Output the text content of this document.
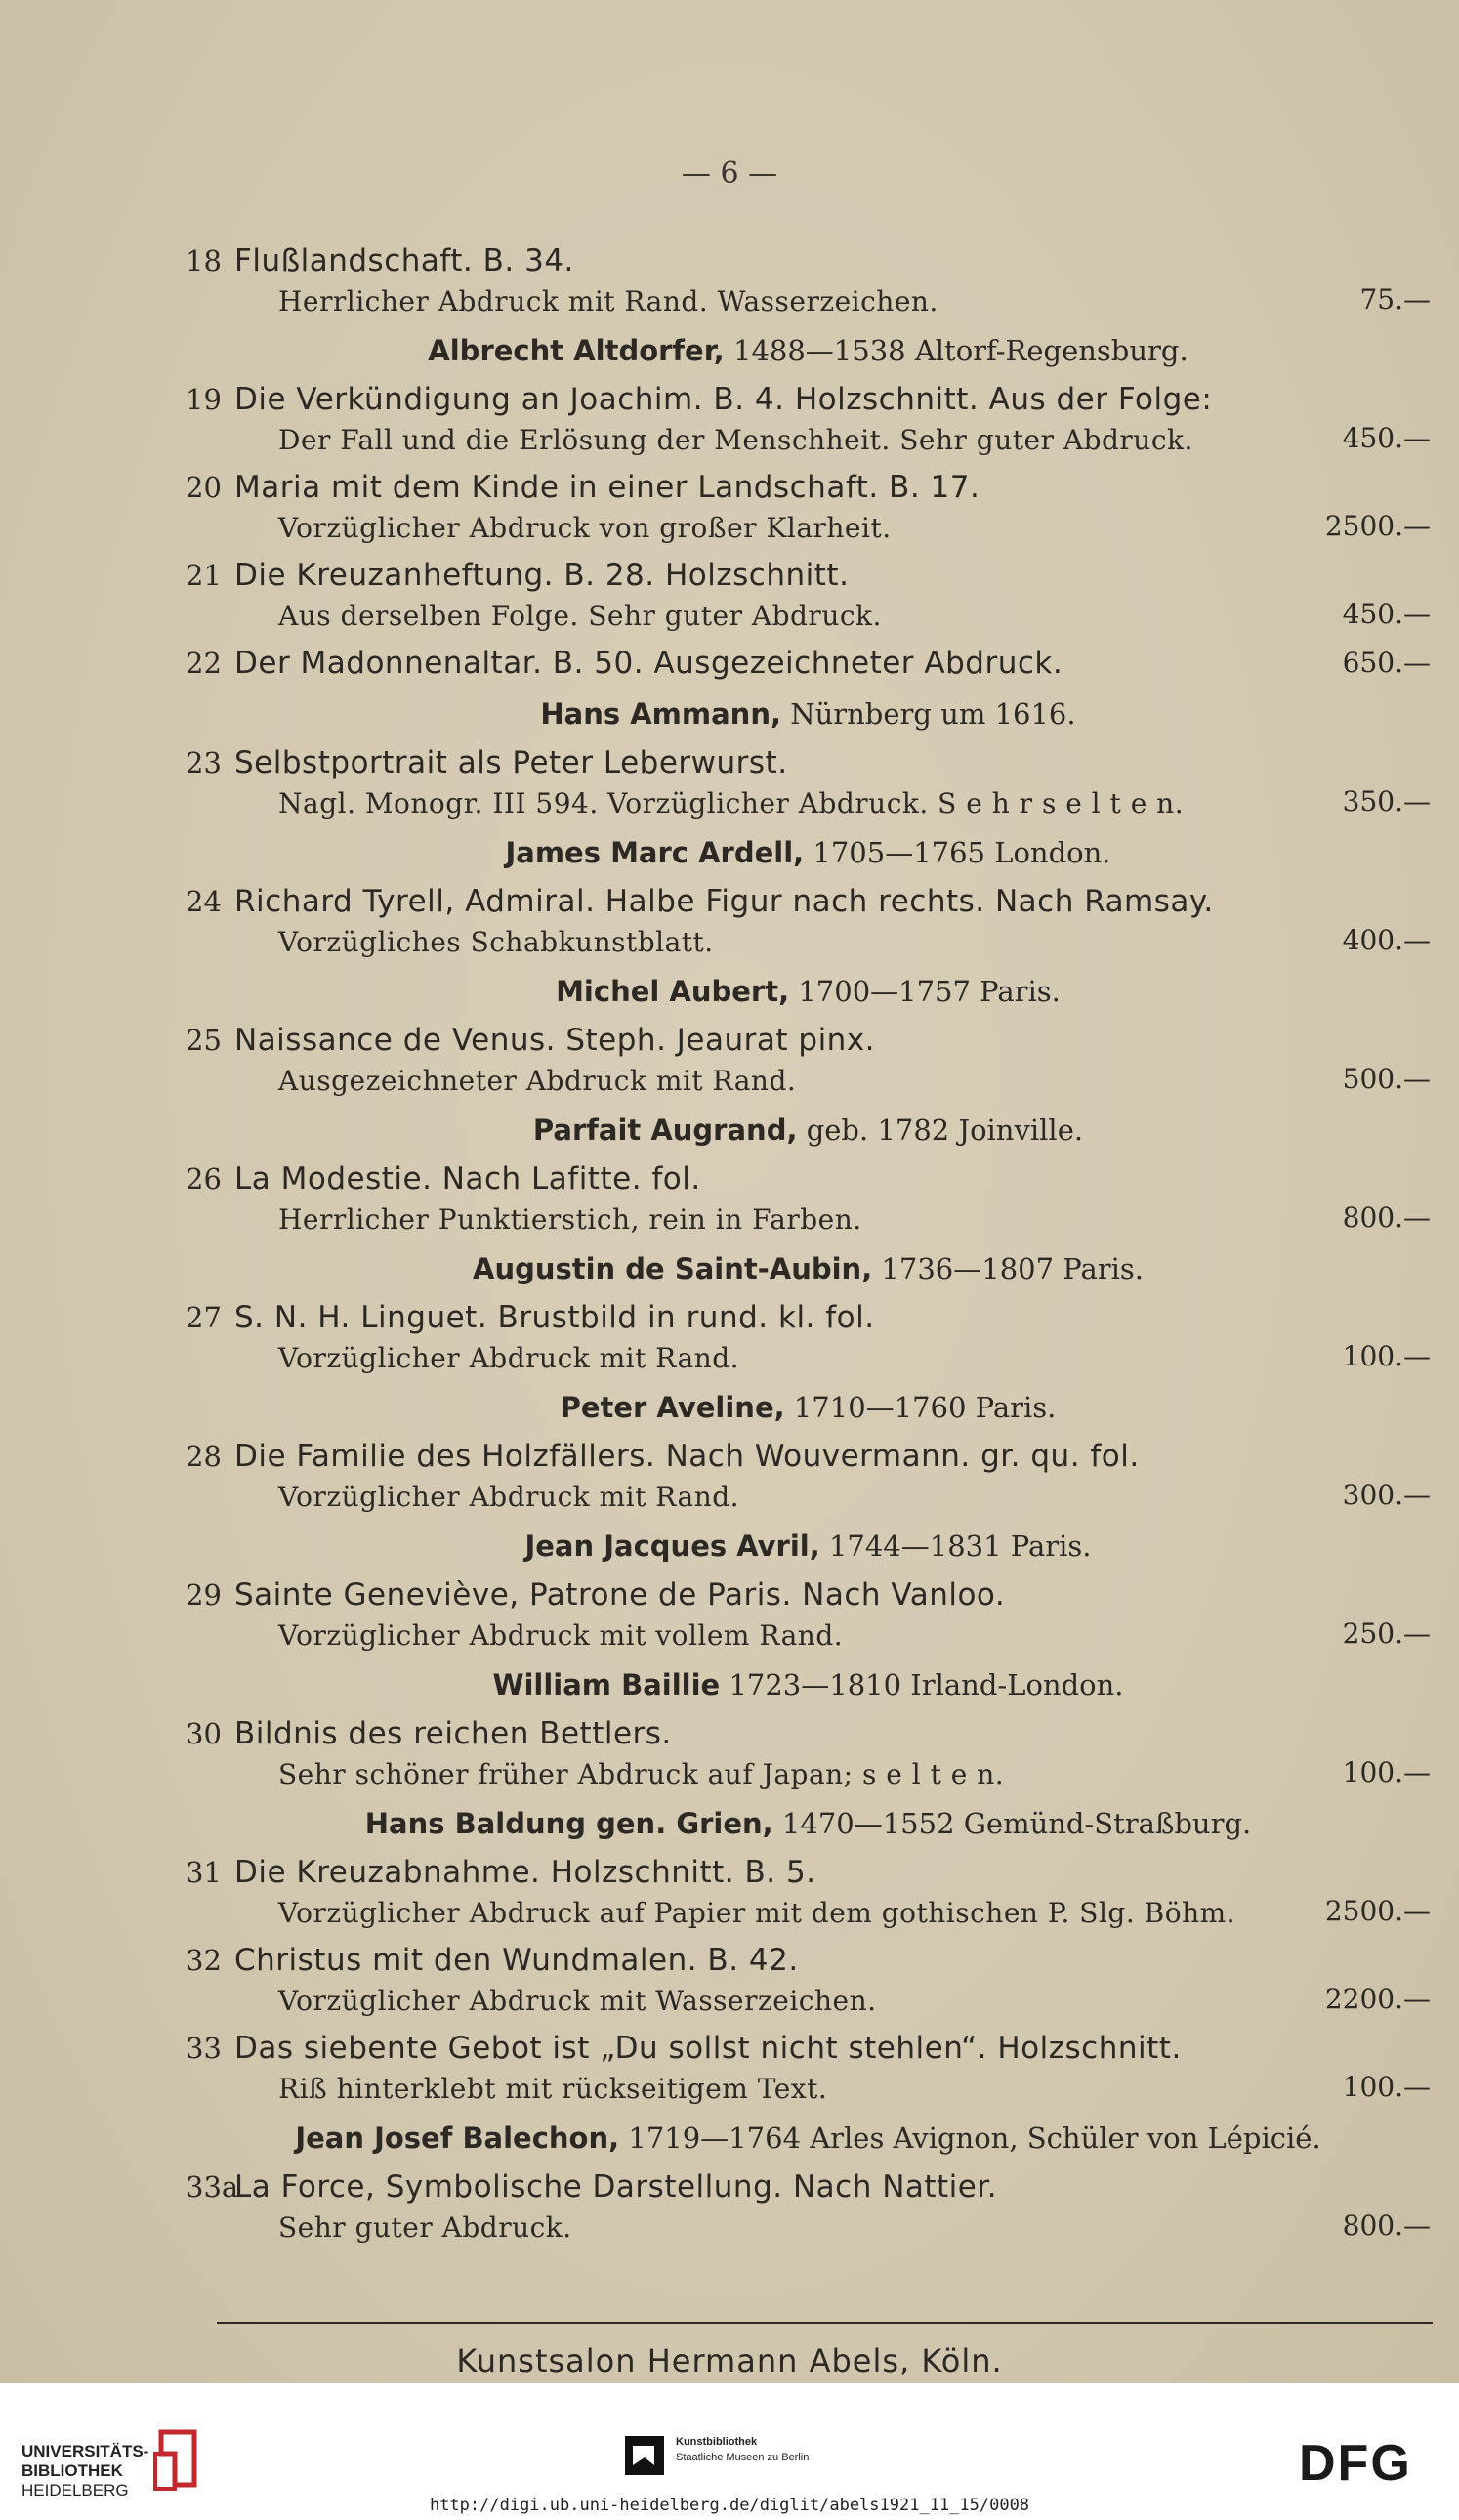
— 6 —
18 Flußlandschaft. B. 34.
Herrlicher Abdruck mit Rand. Wasserzeichen.	75.—
Albrecht Altdorfer, 1488—1538 Altorf-Regensburg.
19 Die Verkündigung an Joachim. B. 4. Holzschnitt. Aus der Folge:
Der Fall und die Erlösung der Menschheit. Sehr guter Abdruck.	450.—
20 Maria mit dem Kinde in einer Landschaft. B. 17.
Vorzüglicher Abdruck von großer Klarheit.	2500.—
21 Die Kreuzanheftung. B. 28. Holzschnitt.
Aus derselben Folge. Sehr guter Abdruck.	450.—
22 Der Madonnenaltar. B. 50. Ausgezeichneter Abdruck.	650.—
Hans Ammann, Nürnberg um 1616.
23 Selbstportrait als Peter Leberwurst.
Nagl. Monogr. III 594. Vorzüglicher Abdruck. S e h r s e l t e n.	350.—
James Marc Ardell, 1705—1765 London.
24 Richard Tyrell, Admiral. Halbe Figur nach rechts. Nach Ramsay.
Vorzügliches Schabkunstblatt.	400.—
Michel Aubert, 1700—1757 Paris.
25 Naissance de Venus. Steph. Jeaurat pinx.
Ausgezeichneter Abdruck mit Rand.	500.—
Parfait Augrand, geb. 1782 Joinville.
26 La Modestie. Nach Lafitte. fol.
Herrlicher Punktierstich, rein in Farben.	800.—
Augustin de Saint-Aubin, 1736—1807 Paris.
27 S. N. H. Linguet. Brustbild in rund. kl. fol.
Vorzüglicher Abdruck mit Rand.	100.—
Peter Aveline, 1710—1760 Paris.
28 Die Familie des Holzfällers. Nach Wouvermann. gr. qu. fol.
Vorzüglicher Abdruck mit Rand.	300.—
Jean Jacques Avril, 1744—1831 Paris.
29 Sainte Geneviève, Patrone de Paris. Nach Vanloo.
Vorzüglicher Abdruck mit vollem Rand.	250.—
William Baillie 1723—1810 Irland-London.
30 Bildnis des reichen Bettlers.
Sehr schöner früher Abdruck auf Japan; s e l t e n.	100.—
Hans Baldung gen. Grien, 1470—1552 Gemünd-Straßburg.
31 Die Kreuzabnahme. Holzschnitt. B. 5.
Vorzüglicher Abdruck auf Papier mit dem gothischen P. Slg. Böhm.	2500.—
32 Christus mit den Wundmalen. B. 42.
Vorzüglicher Abdruck mit Wasserzeichen.	2200.—
33 Das siebente Gebot ist „Du sollst nicht stehlen“. Holzschnitt.
Riß hinterklebt mit rückseitigem Text.	100.—
Jean Josef Balechon, 1719—1764 Arles Avignon, Schüler von Lépicié.
33aLa Force, Symbolische Darstellung. Nach Nattier.
Sehr guter Abdruck.	800.—
Kunstsalon Hermann Abels, Köln.
UNIVERSITÄTS-
BIBLIOTHEK
HEIDELBERG
Kunstbibliothek
Staatliche Museen zu Berlin	DFG
http://digi.ub.uni-heidelberg.de/diglit/abels1921_11_15/0008
